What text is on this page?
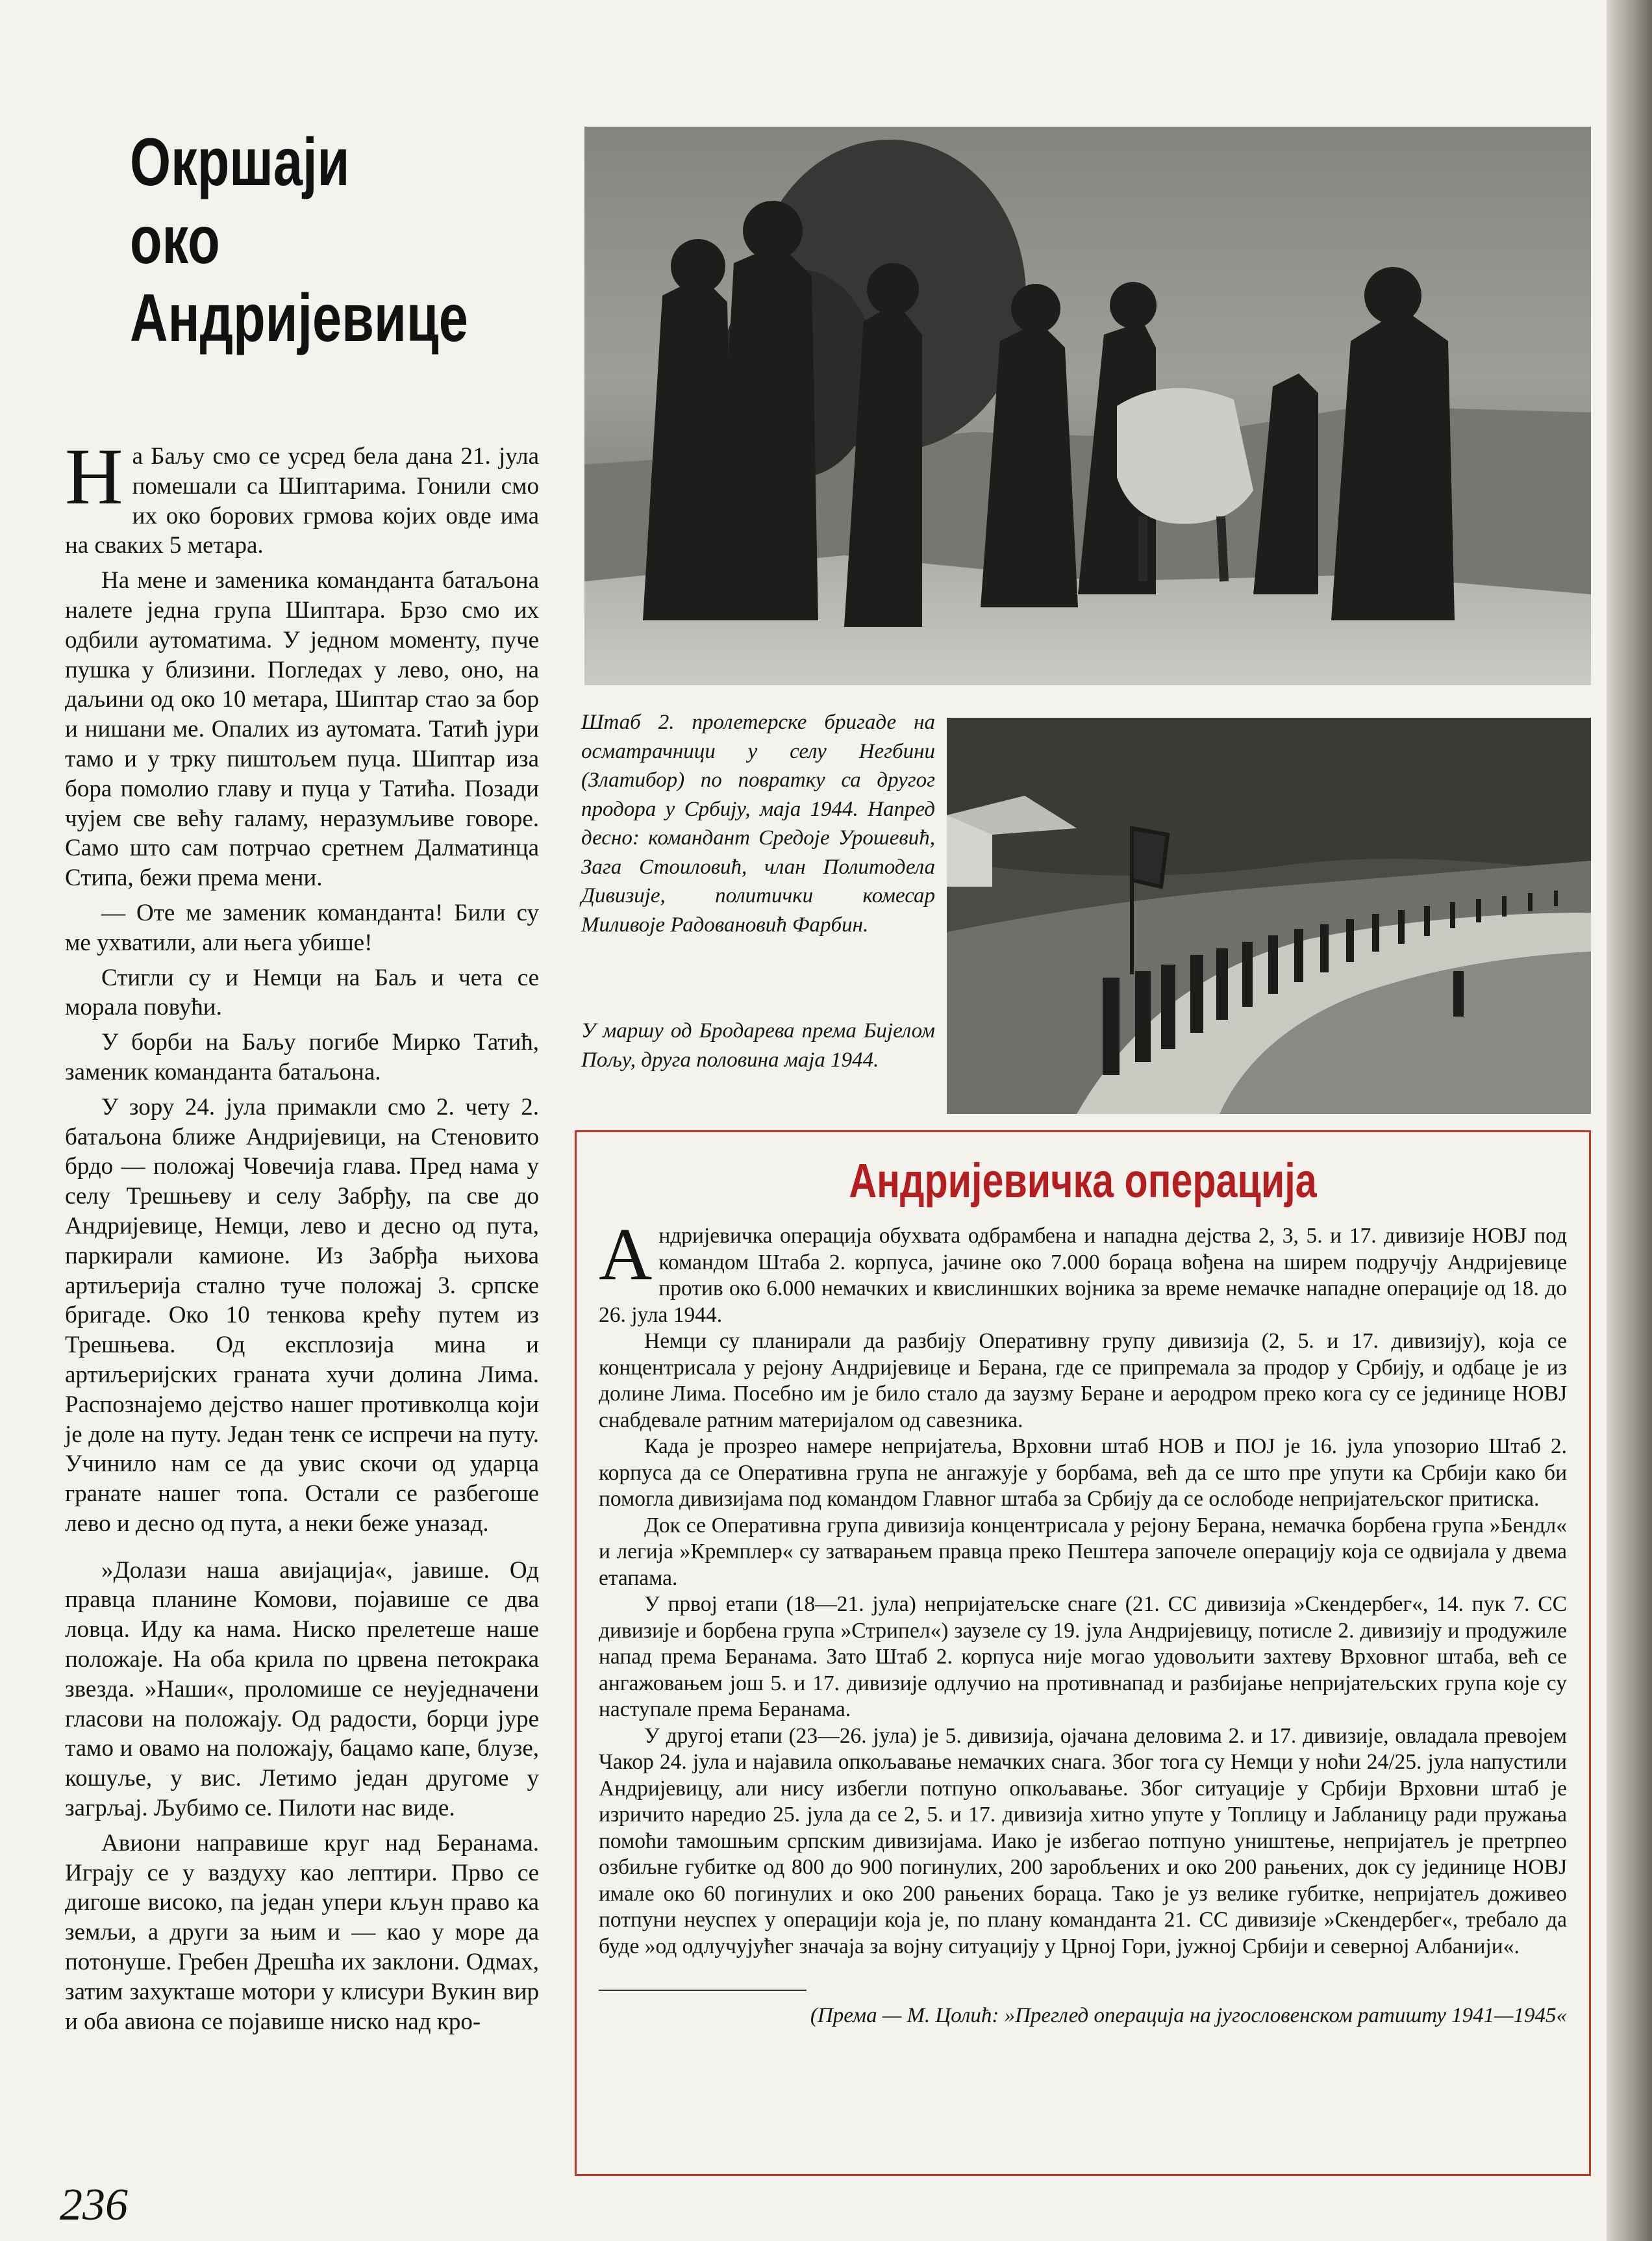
Окршаји
око
Андријевице

На Баљу смо се усред бела дана 21. јула помешали са Шиптарима. Гонили смо их око борових грмова којих овде има на сваких 5 метара.

На мене и заменика команданта батаљона налете једна група Шиптара. Брзо смо их одбили аутоматима. У једном моменту, пуче пушка у близини. Погледах у лево, оно, на даљини од око 10 метара, Шиптар стао за бор и нишани ме. Опалих из аутомата. Татић јури тамо и у трку пиштољем пуца. Шиптар иза бора помолио главу и пуца у Татића. Позади чујем све већу галаму, неразумљиве говоре. Само што сам потрчао сретнем Далматинца Стипа, бежи према мени.

— Оте ме заменик команданта! Били су ме ухватили, али њега убише!

Стигли су и Немци на Баљ и чета се морала повући.

У борби на Баљу погибе Мирко Татић, заменик команданта батаљона.

У зору 24. јула примакли смо 2. чету 2. батаљона ближе Андријевици, на Стеновито брдо — положај Човечија глава. Пред нама у селу Трешњеву и селу Забрђу, па све до Андријевице, Немци, лево и десно од пута, паркирали камионе. Из Забрђа њихова артиљерија стално туче положај 3. српске бригаде. Око 10 тенкова крећу путем из Трешњева. Од експлозија мина и артиљеријских граната хучи долина Лима. Распознајемо дејство нашег противколца који је доле на путу. Један тенк се испречи на путу. Учинило нам се да увис скочи од ударца гранате нашег топа. Остали се разбегоше лево и десно од пута, а неки беже уназад.

»Долази наша авијација«, јавише. Од правца планине Комови, појавише се два ловца. Иду ка нама. Ниско прелетеше наше положаје. На оба крила по црвена петокрака звезда. »Наши«, проломише се неуједначени гласови на положају. Од радости, борци јуре тамо и овамо на положају, бацамо капе, блузе, кошуље, у вис. Летимо један другоме у загрљај. Љубимо се. Пилоти нас виде.

Авиони направише круг над Беранама. Играју се у ваздуху као лептири. Прво се дигоше високо, па један упери кљун право ка земљи, а други за њим и — као у море да потонуше. Гребен Дрешћа их заклони. Одмах, затим захукташе мотори у клисури Вукин вир и оба авиона се појавише ниско над кро-

Штаб 2. пролетерске бригаде на осматрачници у селу Негбини (Златибор) по повратку са другог продора у Србију, маја 1944. Напред десно: командант Средоје Урошевић, Зага Стоиловић, члан Политодела Дивизије, политички комесар Миливоје Радовановић Фарбин.
У маршу од Бродарева према Бијелом Пољу, друга половина маја 1944.
Андријевичка операција

Андријевичка операција обухвата одбрамбена и нападна дејства 2, 3, 5. и 17. дивизије НОВЈ под командом Штаба 2. корпуса, јачине око 7.000 бораца вођена на ширем подручју Андријевице против око 6.000 немачких и квислиншких војника за време немачке нападне операције од 18. до 26. јула 1944.

Немци су планирали да разбију Оперативну групу дивизија (2, 5. и 17. дивизију), која се концентрисала у рејону Андријевице и Берана, где се припремала за продор у Србију, и одбаце је из долине Лима. Посебно им је било стало да заузму Беране и аеродром преко кога су се јединице НОВЈ снабдевале ратним материјалом од савезника.

Када је прозрео намере непријатеља, Врховни штаб НОВ и ПОЈ је 16. јула упозорио Штаб 2. корпуса да се Оперативна група не ангажује у борбама, већ да се што пре упути ка Србији како би помогла дивизијама под командом Главног штаба за Србију да се ослободе непријатељског притиска.

Док се Оперативна група дивизија концентрисала у рејону Берана, немачка борбена група »Бендл« и легија »Кремплер« су затварањем правца преко Пештера започеле операцију која се одвијала у двема етапама.

У првој етапи (18—21. јула) непријатељске снаге (21. СС дивизија »Скендербег«, 14. пук 7. СС дивизије и борбена група »Стрипел«) заузеле су 19. јула Андријевицу, потисле 2. дивизију и продужиле напад према Беранама. Зато Штаб 2. корпуса није могао удовољити захтеву Врховног штаба, већ се ангажовањем још 5. и 17. дивизије одлучио на противнапад и разбијање непријатељских група које су наступале према Беранама.

У другој етапи (23—26. јула) је 5. дивизија, ојачана деловима 2. и 17. дивизије, овладала превојем Чакор 24. јула и најавила опкољавање немачких снага. Због тога су Немци у ноћи 24/25. јула напустили Андријевицу, али нису избегли потпуно опкољавање. Због ситуације у Србији Врховни штаб је изричито наредио 25. јула да се 2, 5. и 17. дивизија хитно упуте у Топлицу и Јабланицу ради пружања помоћи тамошњим српским дивизијама. Иако је избегао потпуно уништење, непријатељ је претрпео озбиљне губитке од 800 до 900 погинулих, 200 заробљених и око 200 рањених, док су јединице НОВЈ имале око 60 погинулих и око 200 рањених бораца. Тако је уз велике губитке, непријатељ доживео потпуни неуспех у операцији која је, по плану команданта 21. СС дивизије »Скендербег«, требало да буде »од одлучујућег значаја за војну ситуацију у Црној Гори, јужној Србији и северној Албанији«.

(Према — М. Цолић: »Преглед операција на југословенском ратишту 1941—1945«
236
